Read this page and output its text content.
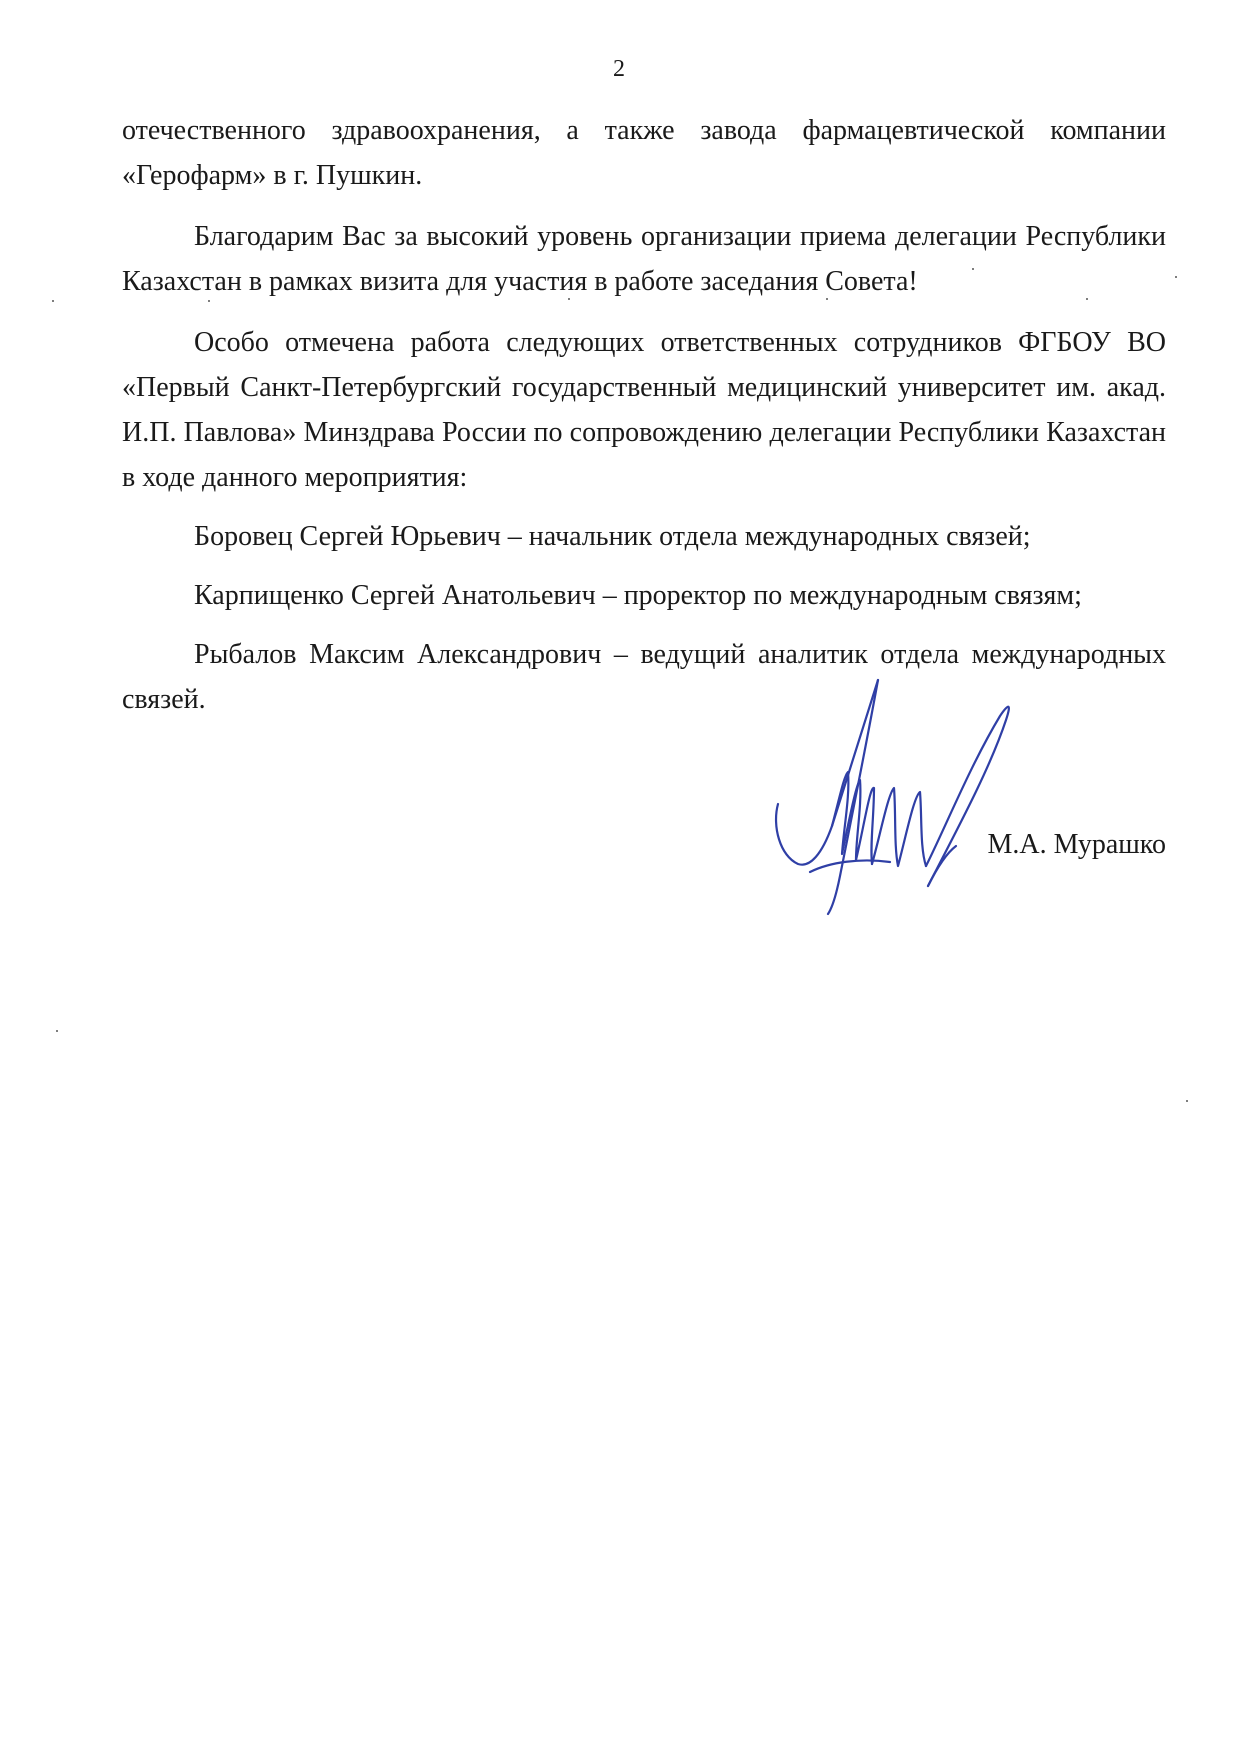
2

отечественного здравоохранения, а также завода фармацевтической компании «Герофарм» в г. Пушкин.

Благодарим Вас за высокий уровень организации приема делегации Республики Казахстан в рамках визита для участия в работе заседания Совета!

Особо отмечена работа следующих ответственных сотрудников ФГБОУ ВО «Первый Санкт-Петербургский государственный медицинский университет им. акад. И.П. Павлова» Минздрава России по сопровождению делегации Республики Казахстан в ходе данного мероприятия:

Боровец Сергей Юрьевич – начальник отдела международных связей;

Карпищенко Сергей Анатольевич – проректор по международным связям;

Рыбалов Максим Александрович – ведущий аналитик отдела международных связей.

М.А. Мурашко
